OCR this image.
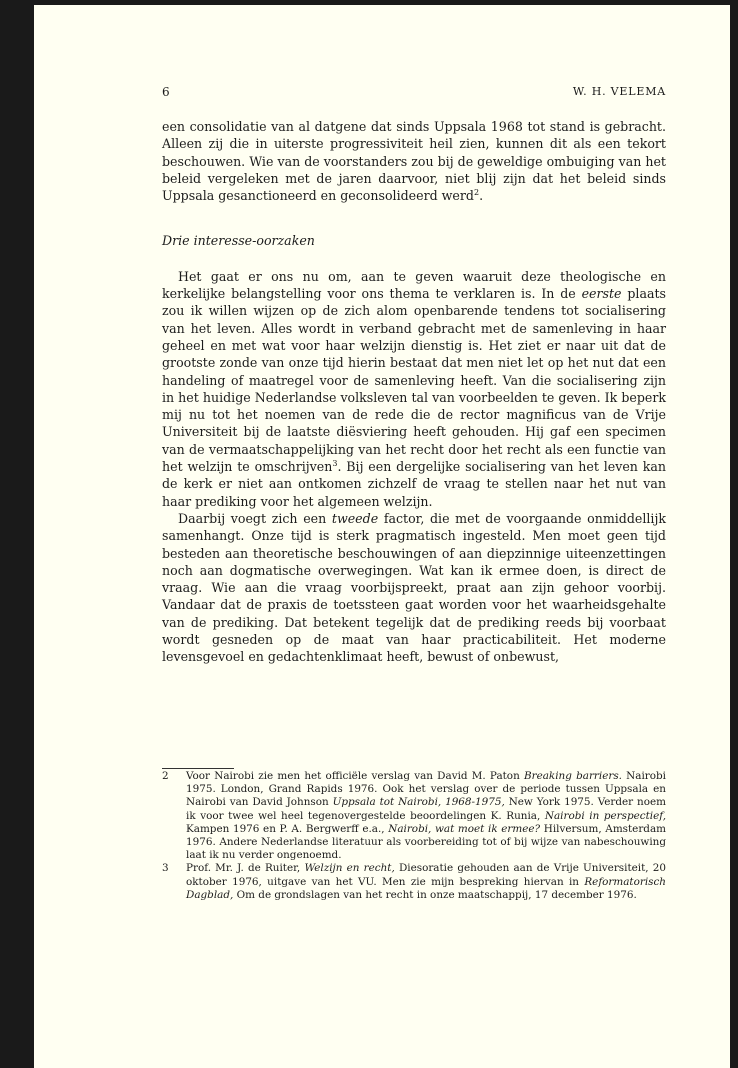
6	W. H. VELEMA

een consolidatie van al datgene dat sinds Uppsala 1968 tot stand is gebracht. Alleen zij die in uiterste progressiviteit heil zien, kunnen dit als een tekort beschouwen. Wie van de voorstanders zou bij de geweldige ombuiging van het beleid vergeleken met de jaren daarvoor, niet blij zijn dat het beleid sinds Uppsala gesanctioneerd en geconsolideerd werd$^2$.

Drie interesse-oorzaken

Het gaat er ons nu om, aan te geven waaruit deze theologische en kerkelijke belangstelling voor ons thema te verklaren is. In de eerste plaats zou ik willen wijzen op de zich alom openbarende tendens tot socialisering van het leven. Alles wordt in verband gebracht met de samenleving in haar geheel en met wat voor haar welzijn dienstig is. Het ziet er naar uit dat de grootste zonde van onze tijd hierin bestaat dat men niet let op het nut dat een handeling of maatregel voor de samenleving heeft. Van die socialisering zijn in het huidige Nederlandse volksleven tal van voorbeelden te geven. Ik beperk mij nu tot het noemen van de rede die de rector magnificus van de Vrije Universiteit bij de laatste diësviering heeft gehouden. Hij gaf een specimen van de vermaatschappelijking van het recht door het recht als een functie van het welzijn te omschrijven$^3$. Bij een dergelijke socialisering van het leven kan de kerk er niet aan ontkomen zichzelf de vraag te stellen naar het nut van haar prediking voor het algemeen welzijn.

Daarbij voegt zich een tweede factor, die met de voorgaande onmiddellijk samenhangt. Onze tijd is sterk pragmatisch ingesteld. Men moet geen tijd besteden aan theoretische beschouwingen of aan diepzinnige uiteenzettingen noch aan dogmatische overwegingen. Wat kan ik ermee doen, is direct de vraag. Wie aan die vraag voorbijspreekt, praat aan zijn gehoor voorbij. Vandaar dat de praxis de toetssteen gaat worden voor het waarheidsgehalte van de prediking. Dat betekent tegelijk dat de prediking reeds bij voorbaat wordt gesneden op de maat van haar practicabiliteit. Het moderne levensgevoel en gedachtenklimaat heeft, bewust of onbewust,

2	Voor Nairobi zie men het officiële verslag van David M. Paton Breaking barriers. Nairobi 1975. London, Grand Rapids 1976. Ook het verslag over de periode tussen Uppsala en Nairobi van David Johnson Uppsala tot Nairobi, 1968-1975, New York 1975. Verder noem ik voor twee wel heel tegenovergestelde beoordelingen K. Runia, Nairobi in perspectief, Kampen 1976 en P. A. Bergwerff e.a., Nairobi, wat moet ik ermee? Hilversum, Amsterdam 1976. Andere Nederlandse literatuur als voorbereiding tot of bij wijze van nabeschouwing laat ik nu verder ongenoemd.
3	Prof. Mr. J. de Ruiter, Welzijn en recht, Diesoratie gehouden aan de Vrije Universiteit, 20 oktober 1976, uitgave van het VU. Men zie mijn bespreking hiervan in Reformatorisch Dagblad, Om de grondslagen van het recht in onze maatschappij, 17 december 1976.
